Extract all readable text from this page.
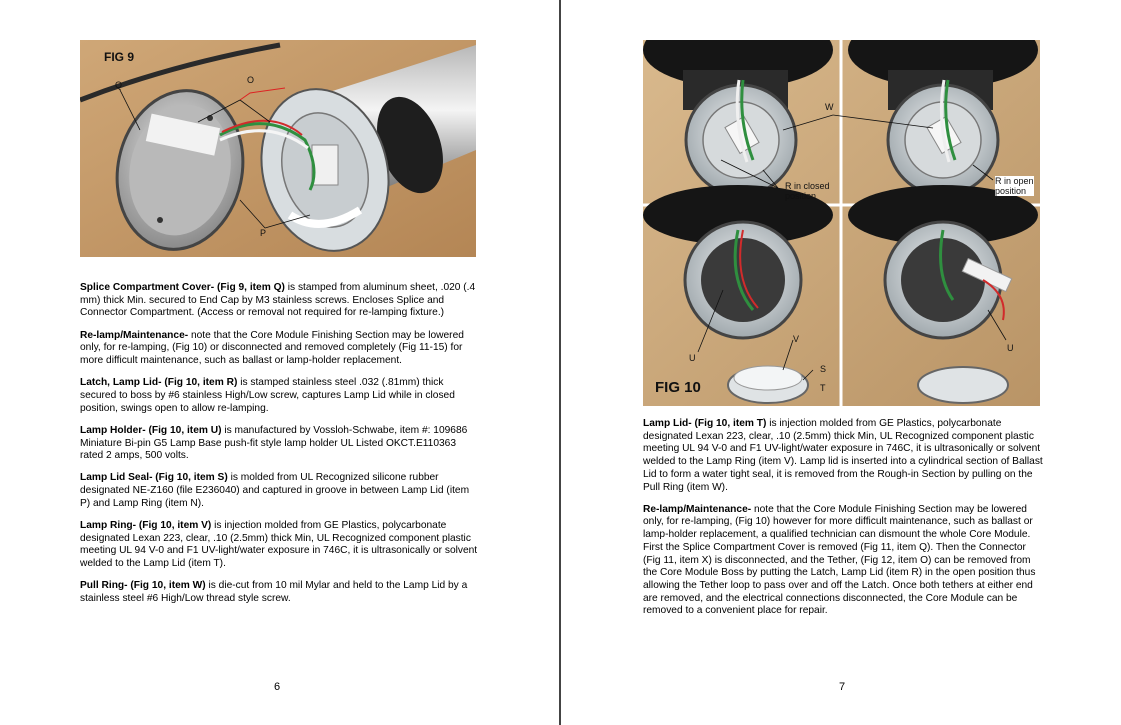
FIG 9
Q	O
P

Splice Compartment Cover- (Fig 9, item Q) is stamped from aluminum sheet, .020 (.4 mm) thick Min. secured to End Cap by M3 stainless screws. Encloses Splice and Connector Compartment. (Access or removal not required for re-lamping fixture.)

Re-lamp/Maintenance- note that the Core Module Finishing Section may be lowered only, for re-lamping, (Fig 10) or disconnected and removed completely (Fig 11-15) for more difficult maintenance, such as ballast or lamp-holder replacement.

Latch, Lamp Lid- (Fig 10, item R) is stamped stainless steel .032 (.81mm) thick secured to boss by #6 stainless High/Low screw, captures Lamp Lid while in closed position, swings open to allow re-lamping.

Lamp Holder- (Fig 10, item U) is manufactured by Vossloh-Schwabe, item #: 109686 Miniature Bi-pin G5 Lamp Base push-fit style lamp holder UL Listed OKCT.E110363 rated 2 amps, 500 volts.

Lamp Lid Seal- (Fig 10, item S) is molded from UL Recognized silicone rubber designated NE-Z160 (file E236040) and captured in groove in between Lamp Lid (item P) and Lamp Ring (item N).

Lamp Ring- (Fig 10, item V) is injection molded from GE Plastics, polycarbonate designated Lexan 223, clear, .10 (2.5mm) thick Min, UL Recognized component plastic meeting UL 94 V-0 and F1 UV-light/water exposure in 746C, it is ultrasonically or solvent welded to the Lamp Lid (item T).

Pull Ring- (Fig 10, item W) is die-cut from 10 mil Mylar and held to the Lamp Lid by a stainless steel #6 High/Low thread style screw.

6
FIG 10
W
R in closed
position
R in open
position
V
S
T
U
U

Lamp Lid- (Fig 10, item T) is injection molded from GE Plastics, polycarbonate designated Lexan 223, clear, .10 (2.5mm) thick Min, UL Recognized component plastic meeting UL 94 V-0 and F1 UV-light/water exposure in 746C, it is ultrasonically or solvent welded to the Lamp Ring (item V). Lamp lid is inserted into a cylindrical section of Ballast Lid to form a water tight seal, it is removed from the Rough-in Section by pulling on the Pull Ring (item W).

Re-lamp/Maintenance- note that the Core Module Finishing Section may be lowered only, for re-lamping, (Fig 10) however for more difficult maintenance, such as ballast or lamp-holder replacement, a qualified technician can dismount the whole Core Module. First the Splice Compartment Cover is removed (Fig 11, item Q). Then the Connector (Fig 11, item X) is disconnected, and the Tether, (Fig 12, item O) can be removed from the Core Module Boss by putting the Latch, Lamp Lid (item R) in the open position thus allowing the Tether loop to pass over and off the Latch. Once both tethers at either end are removed, and the electrical connections disconnected, the Core Module can be removed to a convenient place for repair.

7
